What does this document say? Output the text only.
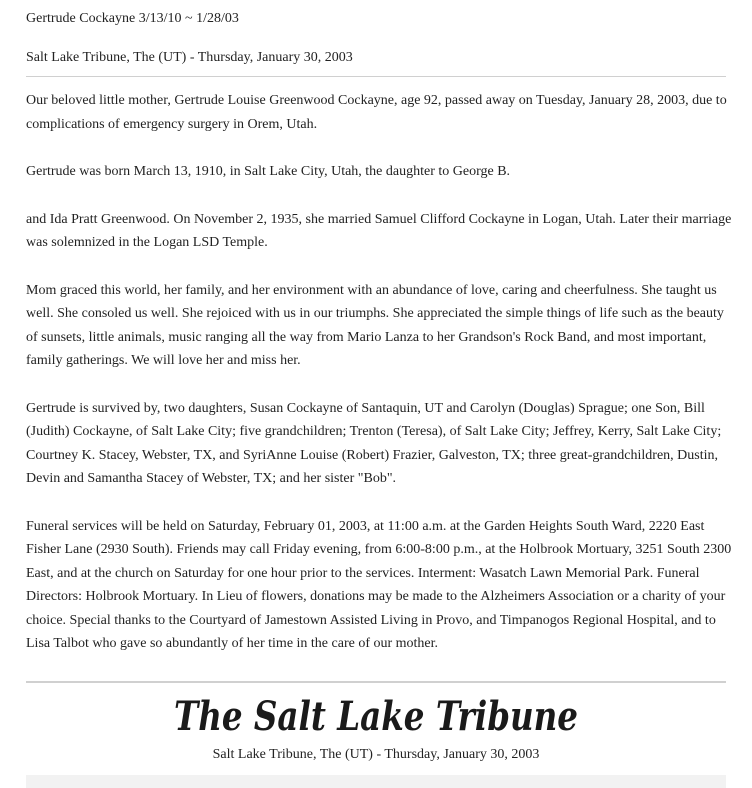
Gertrude Cockayne 3/13/10 ~ 1/28/03
Salt Lake Tribune, The (UT) - Thursday, January 30, 2003

Our beloved little mother, Gertrude Louise Greenwood Cockayne, age 92, passed away on Tuesday, January 28, 2003, due to complications of emergency surgery in Orem, Utah.

Gertrude was born March 13, 1910, in Salt Lake City, Utah, the daughter to George B.

and Ida Pratt Greenwood. On November 2, 1935, she married Samuel Clifford Cockayne in Logan, Utah. Later their marriage was solemnized in the Logan LSD Temple.

Mom graced this world, her family, and her environment with an abundance of love, caring and cheerfulness. She taught us well. She consoled us well. She rejoiced with us in our triumphs. She appreciated the simple things of life such as the beauty of sunsets, little animals, music ranging all the way from Mario Lanza to her Grandson's Rock Band, and most important, family gatherings. We will love her and miss her.

Gertrude is survived by, two daughters, Susan Cockayne of Santaquin, UT and Carolyn (Douglas) Sprague; one Son, Bill (Judith) Cockayne, of Salt Lake City; five grandchildren; Trenton (Teresa), of Salt Lake City; Jeffrey, Kerry, Salt Lake City; Courtney K. Stacey, Webster, TX, and SyriAnne Louise (Robert) Frazier, Galveston, TX; three great-grandchildren, Dustin, Devin and Samantha Stacey of Webster, TX; and her sister "Bob".

Funeral services will be held on Saturday, February 01, 2003, at 11:00 a.m. at the Garden Heights South Ward, 2220 East Fisher Lane (2930 South). Friends may call Friday evening, from 6:00-8:00 p.m., at the Holbrook Mortuary, 3251 South 2300 East, and at the church on Saturday for one hour prior to the services. Interment: Wasatch Lawn Memorial Park. Funeral Directors: Holbrook Mortuary. In Lieu of flowers, donations may be made to the Alzheimers Association or a charity of your choice. Special thanks to the Courtyard of Jamestown Assisted Living in Provo, and Timpanogos Regional Hospital, and to Lisa Talbot who gave so abundantly of her time in the care of our mother.

The Salt Lake Tribune
Salt Lake Tribune, The (UT) - Thursday, January 30, 2003
